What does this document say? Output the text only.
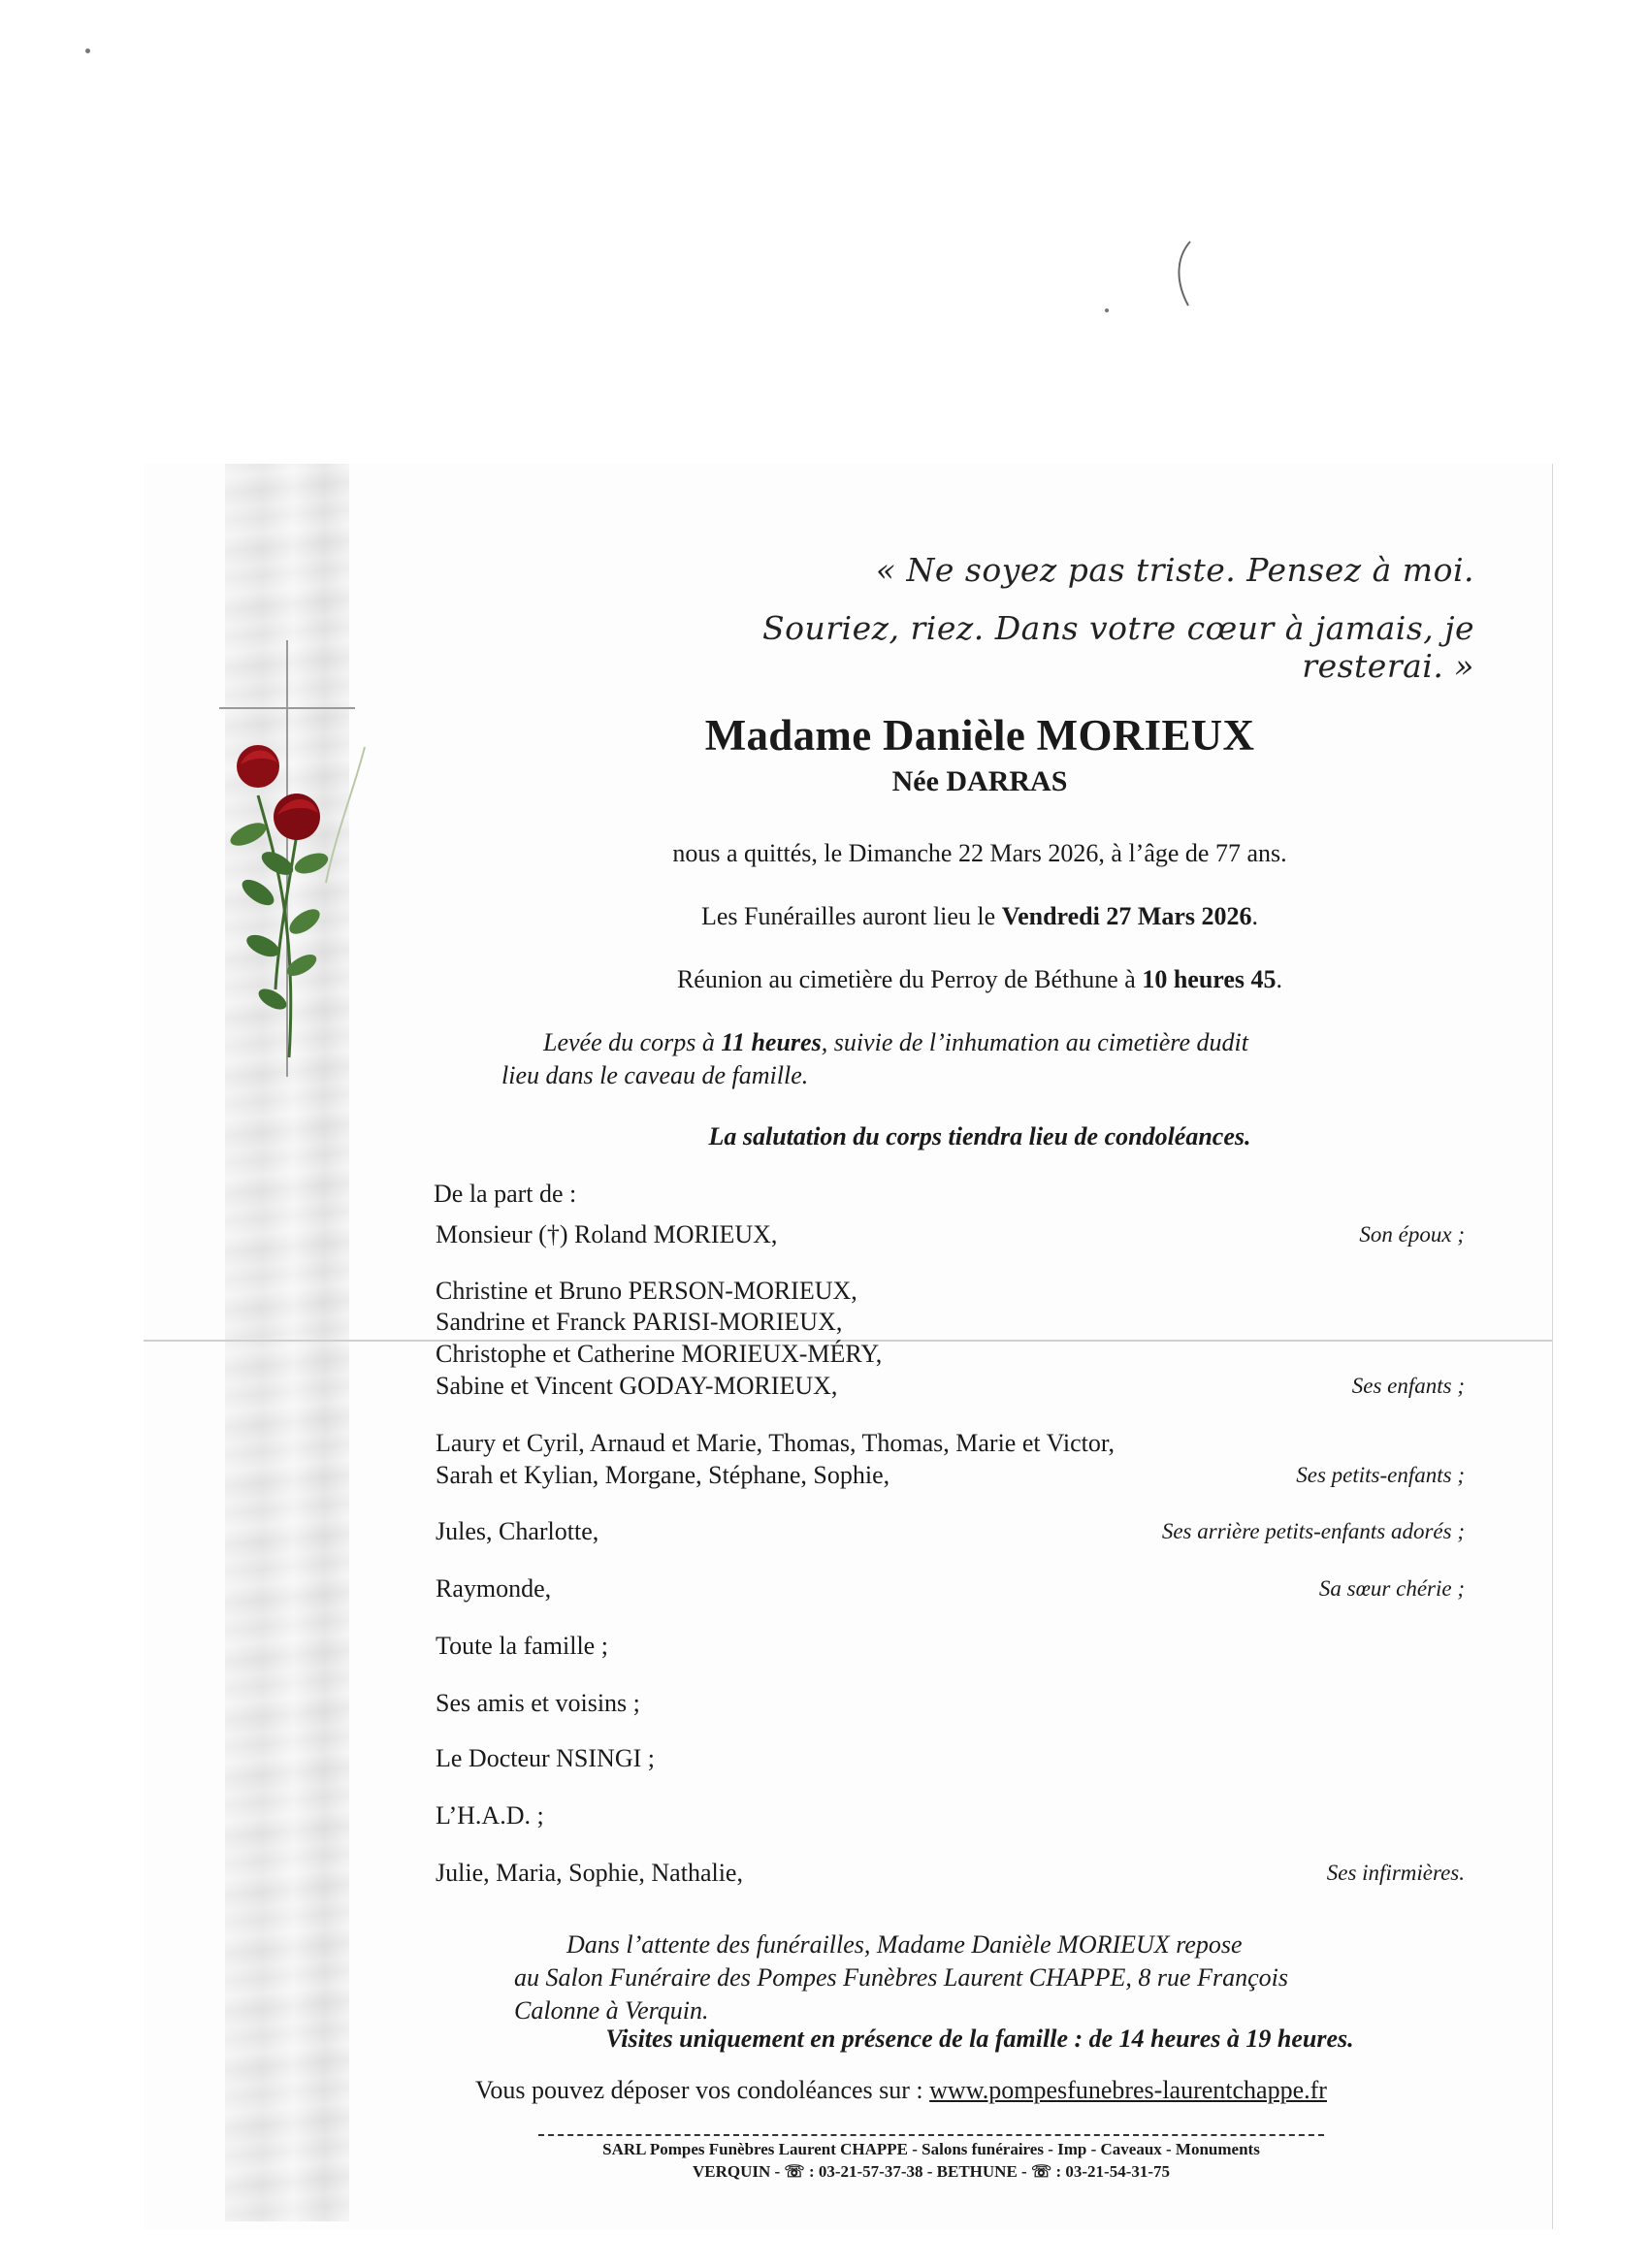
« Ne soyez pas triste. Pensez à moi.
Souriez, riez. Dans votre cœur à jamais, je resterai. »
Madame Danièle MORIEUX
Née DARRAS
nous a quittés, le Dimanche 22 Mars 2026, à l’âge de 77 ans.
Les Funérailles auront lieu le Vendredi 27 Mars 2026.
Réunion au cimetière du Perroy de Béthune à 10 heures 45.
Levée du corps à 11 heures, suivie de l’inhumation au cimetière dudit
lieu dans le caveau de famille.
La salutation du corps tiendra lieu de condoléances.
De la part de :
Monsieur (†) Roland MORIEUX,	Son époux ;
Christine et Bruno PERSON-MORIEUX,
Sandrine et Franck PARISI-MORIEUX,
Christophe et Catherine MORIEUX-MÉRY,
Sabine et Vincent GODAY-MORIEUX,	Ses enfants ;
Laury et Cyril, Arnaud et Marie, Thomas, Thomas, Marie et Victor,
Sarah et Kylian, Morgane, Stéphane, Sophie,	Ses petits-enfants ;
Jules, Charlotte,	Ses arrière petits-enfants adorés ;
Raymonde,	Sa sœur chérie ;
Toute la famille ;
Ses amis et voisins ;
Le Docteur NSINGI ;
L’H.A.D. ;
Julie, Maria, Sophie, Nathalie,	Ses infirmières.
Dans l’attente des funérailles, Madame Danièle MORIEUX repose
au Salon Funéraire des Pompes Funèbres Laurent CHAPPE, 8 rue François
Calonne à Verquin.
Visites uniquement en présence de la famille : de 14 heures à 19 heures.
Vous pouvez déposer vos condoléances sur : www.pompesfunebres-laurentchappe.fr
SARL Pompes Funèbres Laurent CHAPPE - Salons funéraires - Imp - Caveaux - Monuments
VERQUIN - ☏ : 03-21-57-37-38 - BETHUNE - ☏ : 03-21-54-31-75
